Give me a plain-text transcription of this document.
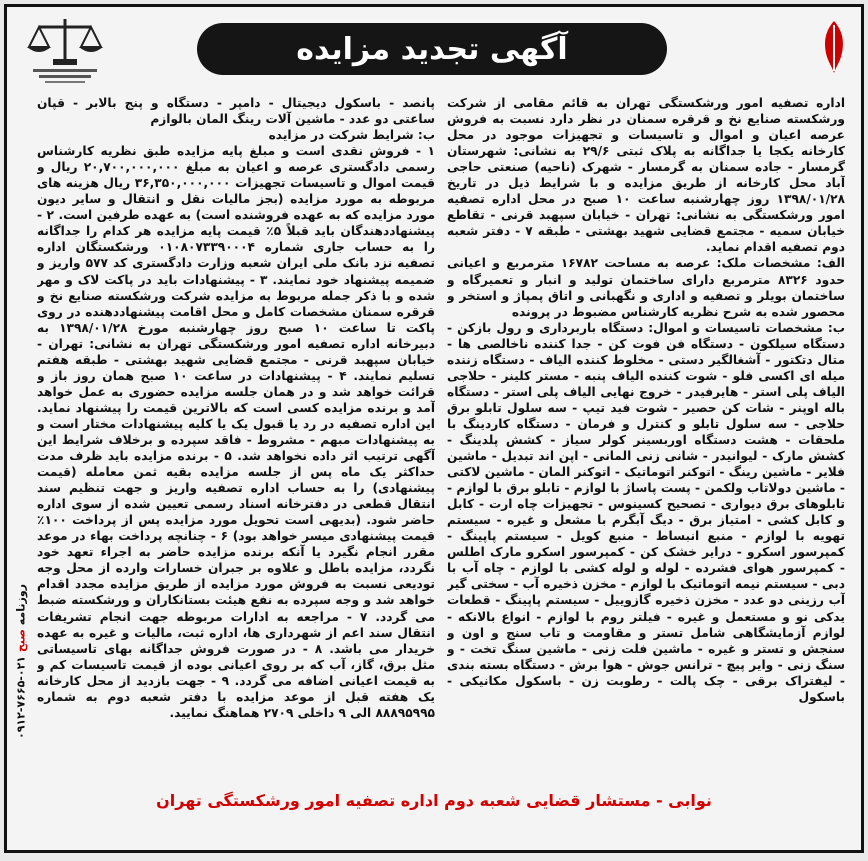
آگهی تجدید مزایده

اداره تصفیه امور ورشکستگی تهران به قائم مقامی از شرکت ورشکسته صنایع نخ و قرقره سمنان در نظر دارد نسبت به فروش عرصه اعیان و اموال و تاسیسات و تجهیزات موجود در محل کارخانه یکجا یا جداگانه به پلاک ثبتی ۲۹/۶ به نشانی: شهرستان گرمسار - جاده سمنان به گرمسار - شهرک (ناحیه) صنعتی حاجی آباد محل کارخانه از طریق مزایده و با شرایط ذیل در تاریخ ۱۳۹۸/۰۱/۲۸ روز چهارشنبه ساعت ۱۰ صبح در محل اداره تصفیه امور ورشکستگی به نشانی: تهران - خیابان سپهبد قرنی - تقاطع خیابان سمیه - مجتمع قضایی شهید بهشتی - طبقه ۷ - دفتر شعبه دوم تصفیه اقدام نماید.

الف: مشخصات ملک: عرصه به مساحت ۱۶۷۸۲ مترمربع و اعیانی حدود ۸۳۲۶ مترمربع دارای ساختمان تولید و انبار و تعمیرگاه و ساختمان بویلر و تصفیه و اداری و نگهبانی و اتاق پمپاژ و استخر و محصور شده به شرح نظریه کارشناس مضبوط در پرونده

ب: مشخصات تاسیسات و اموال: دستگاه باربرداری و رول بازکن - دستگاه سیلکون - دستگاه فن فوت کن - جدا کننده ناخالصی ها - متال دتکتور - آشغالگیر دستی - مخلوط کننده الیاف - دستگاه زننده میله ای اکسی فلو - شوت کننده الیاف پنبه - مستر کلینر - حلاجی الیاف پلی استر - هایرفیدر - خروج نهایی الیاف پلی استر - دستگاه باله اوپنر - شات کن حصیر - شوت فید تیپ - سه سلول تابلو برق حلاجی - سه سلول تابلو و کنترل و فرمان - دستگاه کاردینگ با ملحقات - هشت دستگاه اوربسینر کولر سیاز - کشش پلدینگ - کشش مارک - لیوانیدر - شانی زنی المانی - اپن اند تبدیل - ماشین فلایر - ماشین رینگ - اتوکنر اتوماتیک - اتوکنر المان - ماشین لاکتی - ماشین دولاتاب ولکمن - پست پاساژ با لوازم - تابلو برق با لوازم - تابلوهای برق دیواری - تصحیح کسینوس - تجهیزات چاه ارت - کابل و کابل کشی - امتیاز برق - دیگ آبگرم با مشعل و غیره - سیستم تهویه با لوازم - منبع انبساط - منبع کویل - سیستم پاپینگ - کمپرسور اسکرو - درایر خشک کن - کمپرسور اسکرو مارک اطلس - کمپرسور هوای فشرده - لوله و لوله کشی با لوازم - چاه آب با دبی - سیستم نیمه اتوماتیک با لوازم - مخزن ذخیره آب - سختی گیر آب رزینی دو عدد - مخزن ذخیره گازوییل - سیستم پاپینگ - قطعات یدکی نو و مستعمل و غیره - فیلتر روم با لوازم - انواع بالانکه - لوازم آزمایشگاهی شامل تستر و مقاومت و تاب سنج و اون و سنجش و تستر و غیره - ماشین فلت زنی - ماشین سنگ تخت - و سنگ زنی - وایر پیچ - ترانس جوش - هوا برش - دستگاه بسته بندی - لیفتراک برقی - چک پالت - رطوبت زن - باسکول مکانیکی - باسکول

پانصد - باسکول دیجیتال - دامپر - دستگاه و پنج بالابر - قپان ساعتی دو عدد - ماشین آلات رینگ المان بالوازم

ب: شرایط شرکت در مزایده

۱ - فروش نقدی است و مبلغ پایه مزایده طبق نظریه کارشناس رسمی دادگستری عرصه و اعیان به مبلغ ۲۰,۷۰۰,۰۰۰,۰۰۰ ریال و قیمت اموال و تاسیسات تجهیزات ۳۶,۳۵۰,۰۰۰,۰۰۰ ریال هزینه های مربوطه به مورد مزایده (بجز مالیات نقل و انتقال و سایر دیون مورد مزایده که به عهده فروشنده است) به عهده طرفین است. ۲ - پیشنهاددهندگان باید قبلاً ۵٪ قیمت پایه مزایده هر کدام را جداگانه را به حساب جاری شماره ۰۱۰۸۰۷۳۳۹۰۰۰۴ ورشکستگان اداره تصفیه نزد بانک ملی ایران شعبه وزارت دادگستری کد ۵۷۷ واریز و ضمیمه پیشنهاد خود نمایند. ۳ - پیشنهادات باید در پاکت لاک و مهر شده و با ذکر جمله مربوط به مزایده شرکت ورشکسته صنایع نخ و قرقره سمنان مشخصات کامل و محل اقامت پیشنهاددهنده در روی پاکت تا ساعت ۱۰ صبح روز چهارشنبه مورخ ۱۳۹۸/۰۱/۲۸ به دبیرخانه اداره تصفیه امور ورشکستگی تهران به نشانی: تهران - خیابان سپهبد قرنی - مجتمع قضایی شهید بهشتی - طبقه هفتم تسلیم نمایند. ۴ - پیشنهادات در ساعت ۱۰ صبح همان روز باز و قرائت خواهد شد و در همان جلسه مزایده حضوری به عمل خواهد آمد و برنده مزایده کسی است که بالاترین قیمت را پیشنهاد نماید. این اداره تصفیه در رد یا قبول یک یا کلیه پیشنهادات مختار است و به پیشنهادات مبهم - مشروط - فاقد سپرده و برخلاف شرایط این آگهی ترتیب اثر داده نخواهد شد. ۵ - برنده مزایده باید ظرف مدت حداکثر یک ماه پس از جلسه مزایده بقیه ثمن معامله (قیمت پیشنهادی) را به حساب اداره تصفیه واریز و جهت تنظیم سند انتقال قطعی در دفترخانه اسناد رسمی تعیین شده از سوی اداره حاضر شود. (بدیهی است تحویل مورد مزایده پس از پرداخت ۱۰۰٪ قیمت پیشنهادی میسر خواهد بود) ۶ - چنانچه پرداخت بهاء در موعد مقرر انجام نگیرد یا آنکه برنده مزایده حاضر به اجراء تعهد خود نگردد، مزایده باطل و علاوه بر جبران خسارات وارده از محل وجه تودیعی نسبت به فروش مورد مزایده از طریق مزایده مجدد اقدام خواهد شد و وجه سپرده به نفع هیئت بستانکاران و ورشکسته ضبط می گردد. ۷ - مراجعه به ادارات مربوطه جهت انجام تشریفات انتقال سند اعم از شهرداری ها، اداره ثبت، مالیات و غیره به عهده خریدار می باشد. ۸ - در صورت فروش جداگانه بهای تاسیساتی مثل برق، گاز، آب که بر روی اعیانی بوده از قیمت تاسیسات کم و به قیمت اعیانی اضافه می گردد. ۹ - جهت بازدید از محل کارخانه یک هفته قبل از موعد مزایده با دفتر شعبه دوم به شماره ۸۸۸۹۵۹۹۵ الی ۹ داخلی ۲۷۰۹ هماهنگ نمایید.

روزنامه صبح ۰۲۱-۷۶۶۵-۰۹۱۲
نوابی - مستشار قضایی شعبه دوم اداره تصفیه امور ورشکستگی تهران
